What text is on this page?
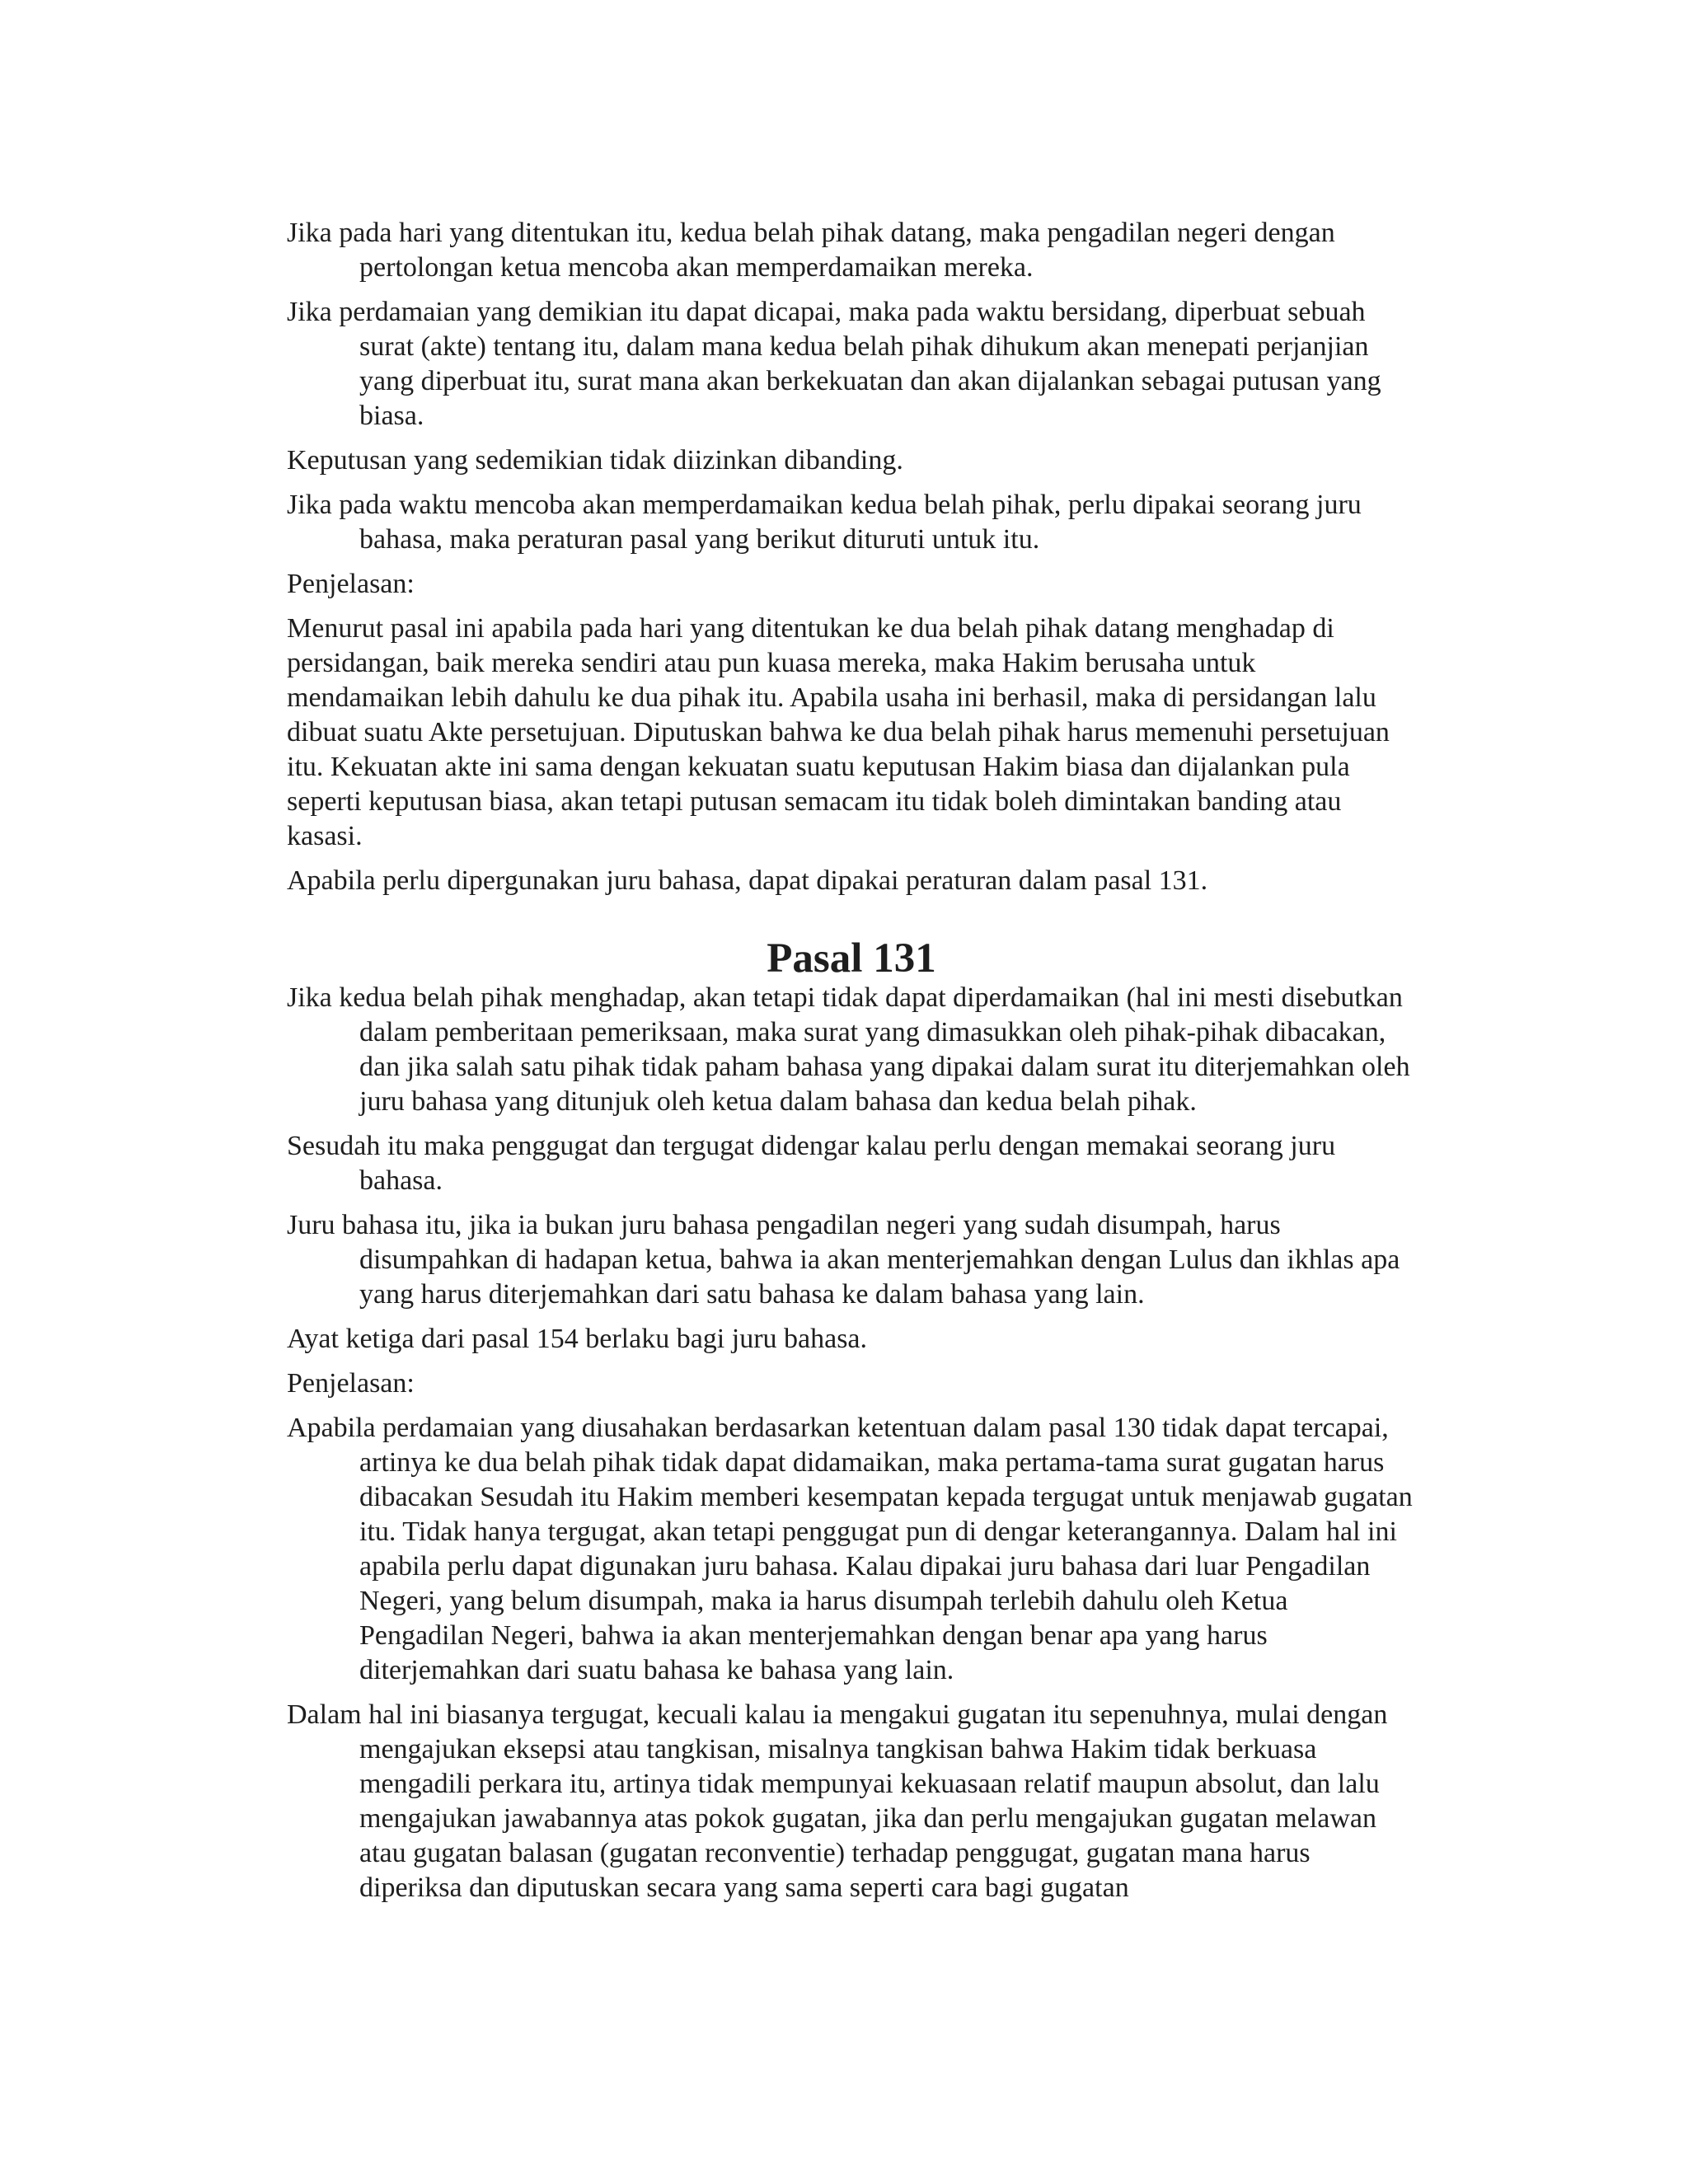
Jika pada hari yang ditentukan itu, kedua belah pihak datang, maka pengadilan negeri dengan pertolongan ketua mencoba akan memperdamaikan mereka.

Jika perdamaian yang demikian itu dapat dicapai, maka pada waktu bersidang, diperbuat sebuah surat (akte) tentang itu, dalam mana kedua belah pihak dihukum akan menepati perjanjian yang diperbuat itu, surat mana akan berkekuatan dan akan dijalankan sebagai putusan yang biasa.

Keputusan yang sedemikian tidak diizinkan dibanding.

Jika pada waktu mencoba akan memperdamaikan kedua belah pihak, perlu dipakai seorang juru bahasa, maka peraturan pasal yang berikut dituruti untuk itu.

Penjelasan:

Menurut pasal ini apabila pada hari yang ditentukan ke dua belah pihak datang menghadap di persidangan, baik mereka sendiri atau pun kuasa mereka, maka Hakim berusaha untuk mendamaikan lebih dahulu ke dua pihak itu. Apabila usaha ini berhasil, maka di persidangan lalu dibuat suatu Akte persetujuan. Diputuskan bahwa ke dua belah pihak harus memenuhi persetujuan itu. Kekuatan akte ini sama dengan kekuatan suatu keputusan Hakim biasa dan dijalankan pula seperti keputusan biasa, akan tetapi putusan semacam itu tidak boleh dimintakan banding atau kasasi.

Apabila perlu dipergunakan juru bahasa, dapat dipakai peraturan dalam pasal 131.

Pasal 131

Jika kedua belah pihak menghadap, akan tetapi tidak dapat diperdamaikan (hal ini mesti disebutkan dalam pemberitaan pemeriksaan, maka surat yang dimasukkan oleh pihak-pihak dibacakan, dan jika salah satu pihak tidak paham bahasa yang dipakai dalam surat itu diterjemahkan oleh juru bahasa yang ditunjuk oleh ketua dalam bahasa dan kedua belah pihak.

Sesudah itu maka penggugat dan tergugat didengar kalau perlu dengan memakai seorang juru bahasa.

Juru bahasa itu, jika ia bukan juru bahasa pengadilan negeri yang sudah disumpah, harus disumpahkan di hadapan ketua, bahwa ia akan menterjemahkan dengan Lulus dan ikhlas apa yang harus diterjemahkan dari satu bahasa ke dalam bahasa yang lain.

Ayat ketiga dari pasal 154 berlaku bagi juru bahasa.

Penjelasan:

Apabila perdamaian yang diusahakan berdasarkan ketentuan dalam pasal 130 tidak dapat tercapai, artinya ke dua belah pihak tidak dapat didamaikan, maka pertama-tama surat gugatan harus dibacakan Sesudah itu Hakim memberi kesempatan kepada tergugat untuk menjawab gugatan itu. Tidak hanya tergugat, akan tetapi penggugat pun di dengar keterangannya. Dalam hal ini apabila perlu dapat digunakan juru bahasa. Kalau dipakai juru bahasa dari luar Pengadilan Negeri, yang belum disumpah, maka ia harus disumpah terlebih dahulu oleh Ketua Pengadilan Negeri, bahwa ia akan menterjemahkan dengan benar apa yang harus diterjemahkan dari suatu bahasa ke bahasa yang lain.

Dalam hal ini biasanya tergugat, kecuali kalau ia mengakui gugatan itu sepenuhnya, mulai dengan mengajukan eksepsi atau tangkisan, misalnya tangkisan bahwa Hakim tidak berkuasa mengadili perkara itu, artinya tidak mempunyai kekuasaan relatif maupun absolut, dan lalu mengajukan jawabannya atas pokok gugatan, jika dan perlu mengajukan gugatan melawan atau gugatan balasan (gugatan reconventie) terhadap penggugat, gugatan mana harus diperiksa dan diputuskan secara yang sama seperti cara bagi gugatan
